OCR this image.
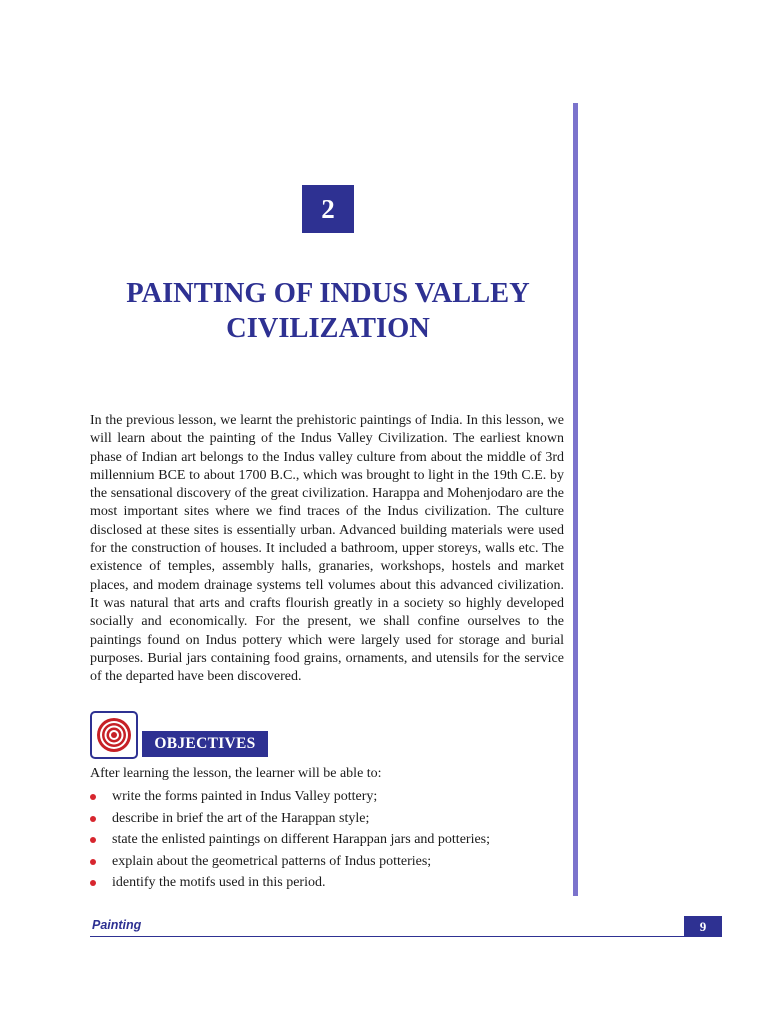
2
PAINTING OF INDUS VALLEY
CIVILIZATION

In the previous lesson, we learnt the prehistoric paintings of India. In this lesson, we will learn about the painting of the Indus Valley Civilization. The earliest known phase of Indian art belongs to the Indus valley culture from about the middle of 3rd millennium BCE to about 1700 B.C., which was brought to light in the 19th C.E. by the sensational discovery of the great civilization. Harappa and Mohenjodaro are the most important sites where we find traces of the Indus civilization. The culture disclosed at these sites is essentially urban. Advanced building materials were used for the construction of houses. It included a bathroom, upper storeys, walls etc. The existence of temples, assembly halls, granaries, workshops, hostels and market places, and modem drainage systems tell volumes about this advanced civilization. It was natural that arts and crafts flourish greatly in a society so highly developed socially and economically. For the present, we shall confine ourselves to the paintings found on Indus pottery which were largely used for storage and burial purposes. Burial jars containing food grains, ornaments, and utensils for the service of the departed have been discovered.

OBJECTIVES

After learning the lesson, the learner will be able to:

write the forms painted in Indus Valley pottery;
describe in brief the art of the Harappan style;
state the enlisted paintings on different Harappan jars and potteries;
explain about the geometrical patterns of Indus potteries;
identify the motifs used in this period.
Painting	9
